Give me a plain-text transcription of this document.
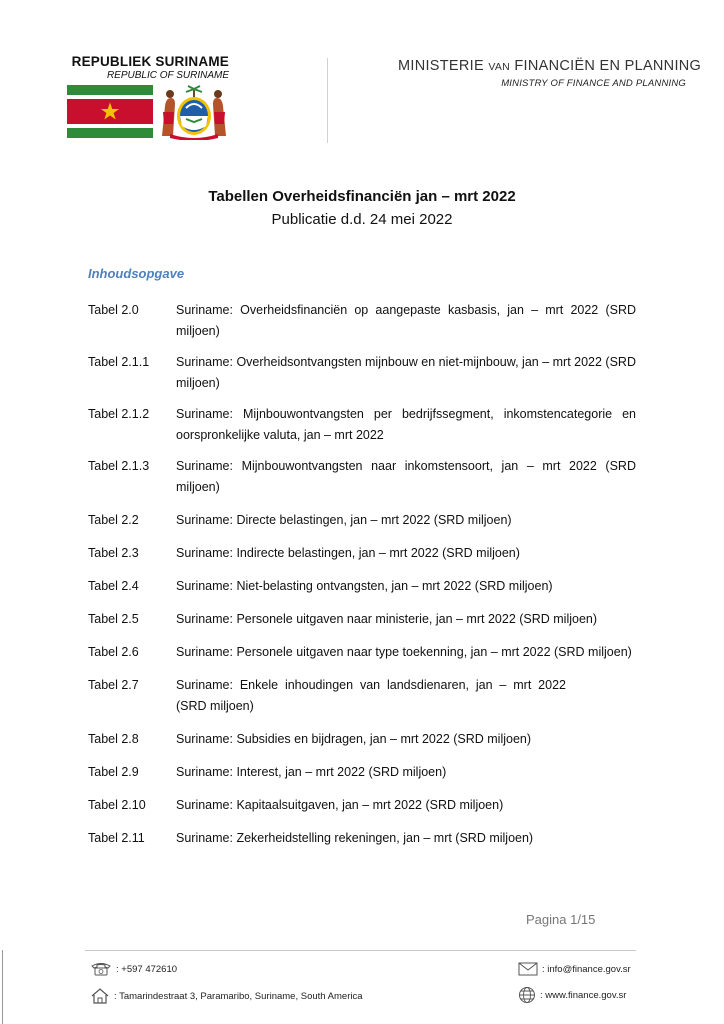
REPUBLIEK SURINAME
REPUBLIC OF SURINAME
MINISTERIE VAN FINANCIËN EN PLANNING
MINISTRY OF FINANCE AND PLANNING
Tabellen Overheidsfinanciën jan – mrt 2022
Publicatie d.d. 24 mei 2022
Inhoudsopgave
Tabel 2.0	Suriname: Overheidsfinanciën op aangepaste kasbasis, jan – mrt 2022 (SRD miljoen)
Tabel 2.1.1	Suriname: Overheidsontvangsten mijnbouw en niet-mijnbouw, jan – mrt 2022 (SRD miljoen)
Tabel 2.1.2	Suriname: Mijnbouwontvangsten per bedrijfssegment, inkomstencategorie en oorspronkelijke valuta, jan – mrt 2022
Tabel 2.1.3	Suriname: Mijnbouwontvangsten naar inkomstensoort, jan – mrt 2022 (SRD miljoen)
Tabel 2.2	Suriname: Directe belastingen, jan – mrt 2022 (SRD miljoen)
Tabel 2.3	Suriname: Indirecte belastingen, jan – mrt 2022 (SRD miljoen)
Tabel 2.4	Suriname: Niet-belasting ontvangsten, jan – mrt 2022 (SRD miljoen)
Tabel 2.5	Suriname: Personele uitgaven naar ministerie, jan – mrt 2022 (SRD miljoen)
Tabel 2.6	Suriname: Personele uitgaven naar type toekenning, jan – mrt 2022 (SRD miljoen)
Tabel 2.7	Suriname: Enkele inhoudingen van landsdienaren, jan – mrt 2022 (SRD miljoen)
Tabel 2.8	Suriname: Subsidies en bijdragen, jan – mrt 2022 (SRD miljoen)
Tabel 2.9	Suriname: Interest, jan – mrt 2022 (SRD miljoen)
Tabel 2.10	Suriname: Kapitaalsuitgaven, jan – mrt 2022 (SRD miljoen)
Tabel 2.11	Suriname: Zekerheidstelling rekeningen, jan – mrt (SRD miljoen)
Pagina 1/15
: +597 472610
: Tamarindestraat 3, Paramaribo, Suriname, South America
: info@finance.gov.sr
: www.finance.gov.sr
